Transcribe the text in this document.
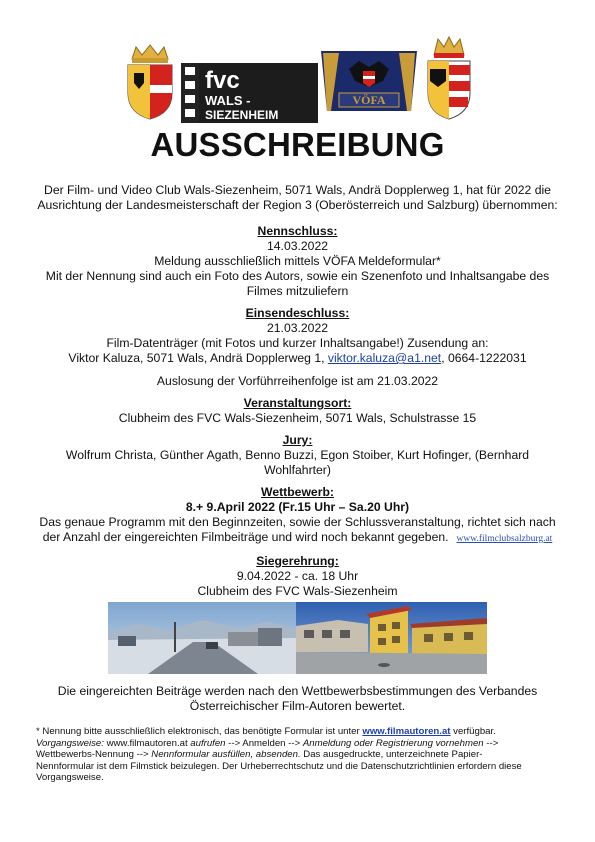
fvc
WALS -
SIEZENHEIM
VÖFA
AUSSCHREIBUNG

Der Film- und Video Club Wals-Siezenheim, 5071 Wals, Andrä Dopplerweg 1, hat für 2022 die

Ausrichtung der Landesmeisterschaft der Region 3 (Oberösterreich und Salzburg) übernommen:

Nennschluss:

14.03.2022

Meldung ausschließlich mittels VÖFA Meldeformular*

Mit der Nennung sind auch ein Foto des Autors, sowie ein Szenenfoto und Inhaltsangabe des

Filmes mitzuliefern

Einsendeschluss:

21.03.2022

Film-Datenträger (mit Fotos und kurzer Inhaltsangabe!) Zusendung an:

Viktor Kaluza, 5071 Wals, Andrä Dopplerweg 1, viktor.kaluza@a1.net, 0664-1222031

Auslosung der Vorführreihenfolge ist am 21.03.2022

Veranstaltungsort:

Clubheim des FVC Wals-Siezenheim, 5071 Wals, Schulstrasse 15

Jury:

Wolfrum Christa, Günther Agath, Benno Buzzi, Egon Stoiber, Kurt Hofinger, (Bernhard

Wohlfahrter)

Wettbewerb:

8.+ 9.April 2022 (Fr.15 Uhr – Sa.20 Uhr)

Das genaue Programm mit den Beginnzeiten, sowie der Schlussveranstaltung, richtet sich nach

der Anzahl der eingereichten Filmbeiträge und wird noch bekannt gegeben. www.filmclubsalzburg.at

Siegerehrung:

9.04.2022 - ca. 18 Uhr

Clubheim des FVC Wals-Siezenheim

Die eingereichten Beiträge werden nach den Wettbewerbsbestimmungen des Verbandes

Österreichischer Film-Autoren bewertet.

* Nennung bitte ausschließlich elektronisch, das benötigte Formular ist unter www.filmautoren.at verfügbar.

Vorgangsweise: www.filmautoren.at aufrufen --> Anmelden --> Anmeldung oder Registrierung vornehmen -->

Wettbewerbs-Nennung --> Nennformular ausfüllen, absenden. Das ausgedruckte, unterzeichnete Papier-

Nennformular ist dem Filmstick beizulegen. Der Urheberrechtschutz und die Datenschutzrichtlinien erfordern diese

Vorgangsweise.
